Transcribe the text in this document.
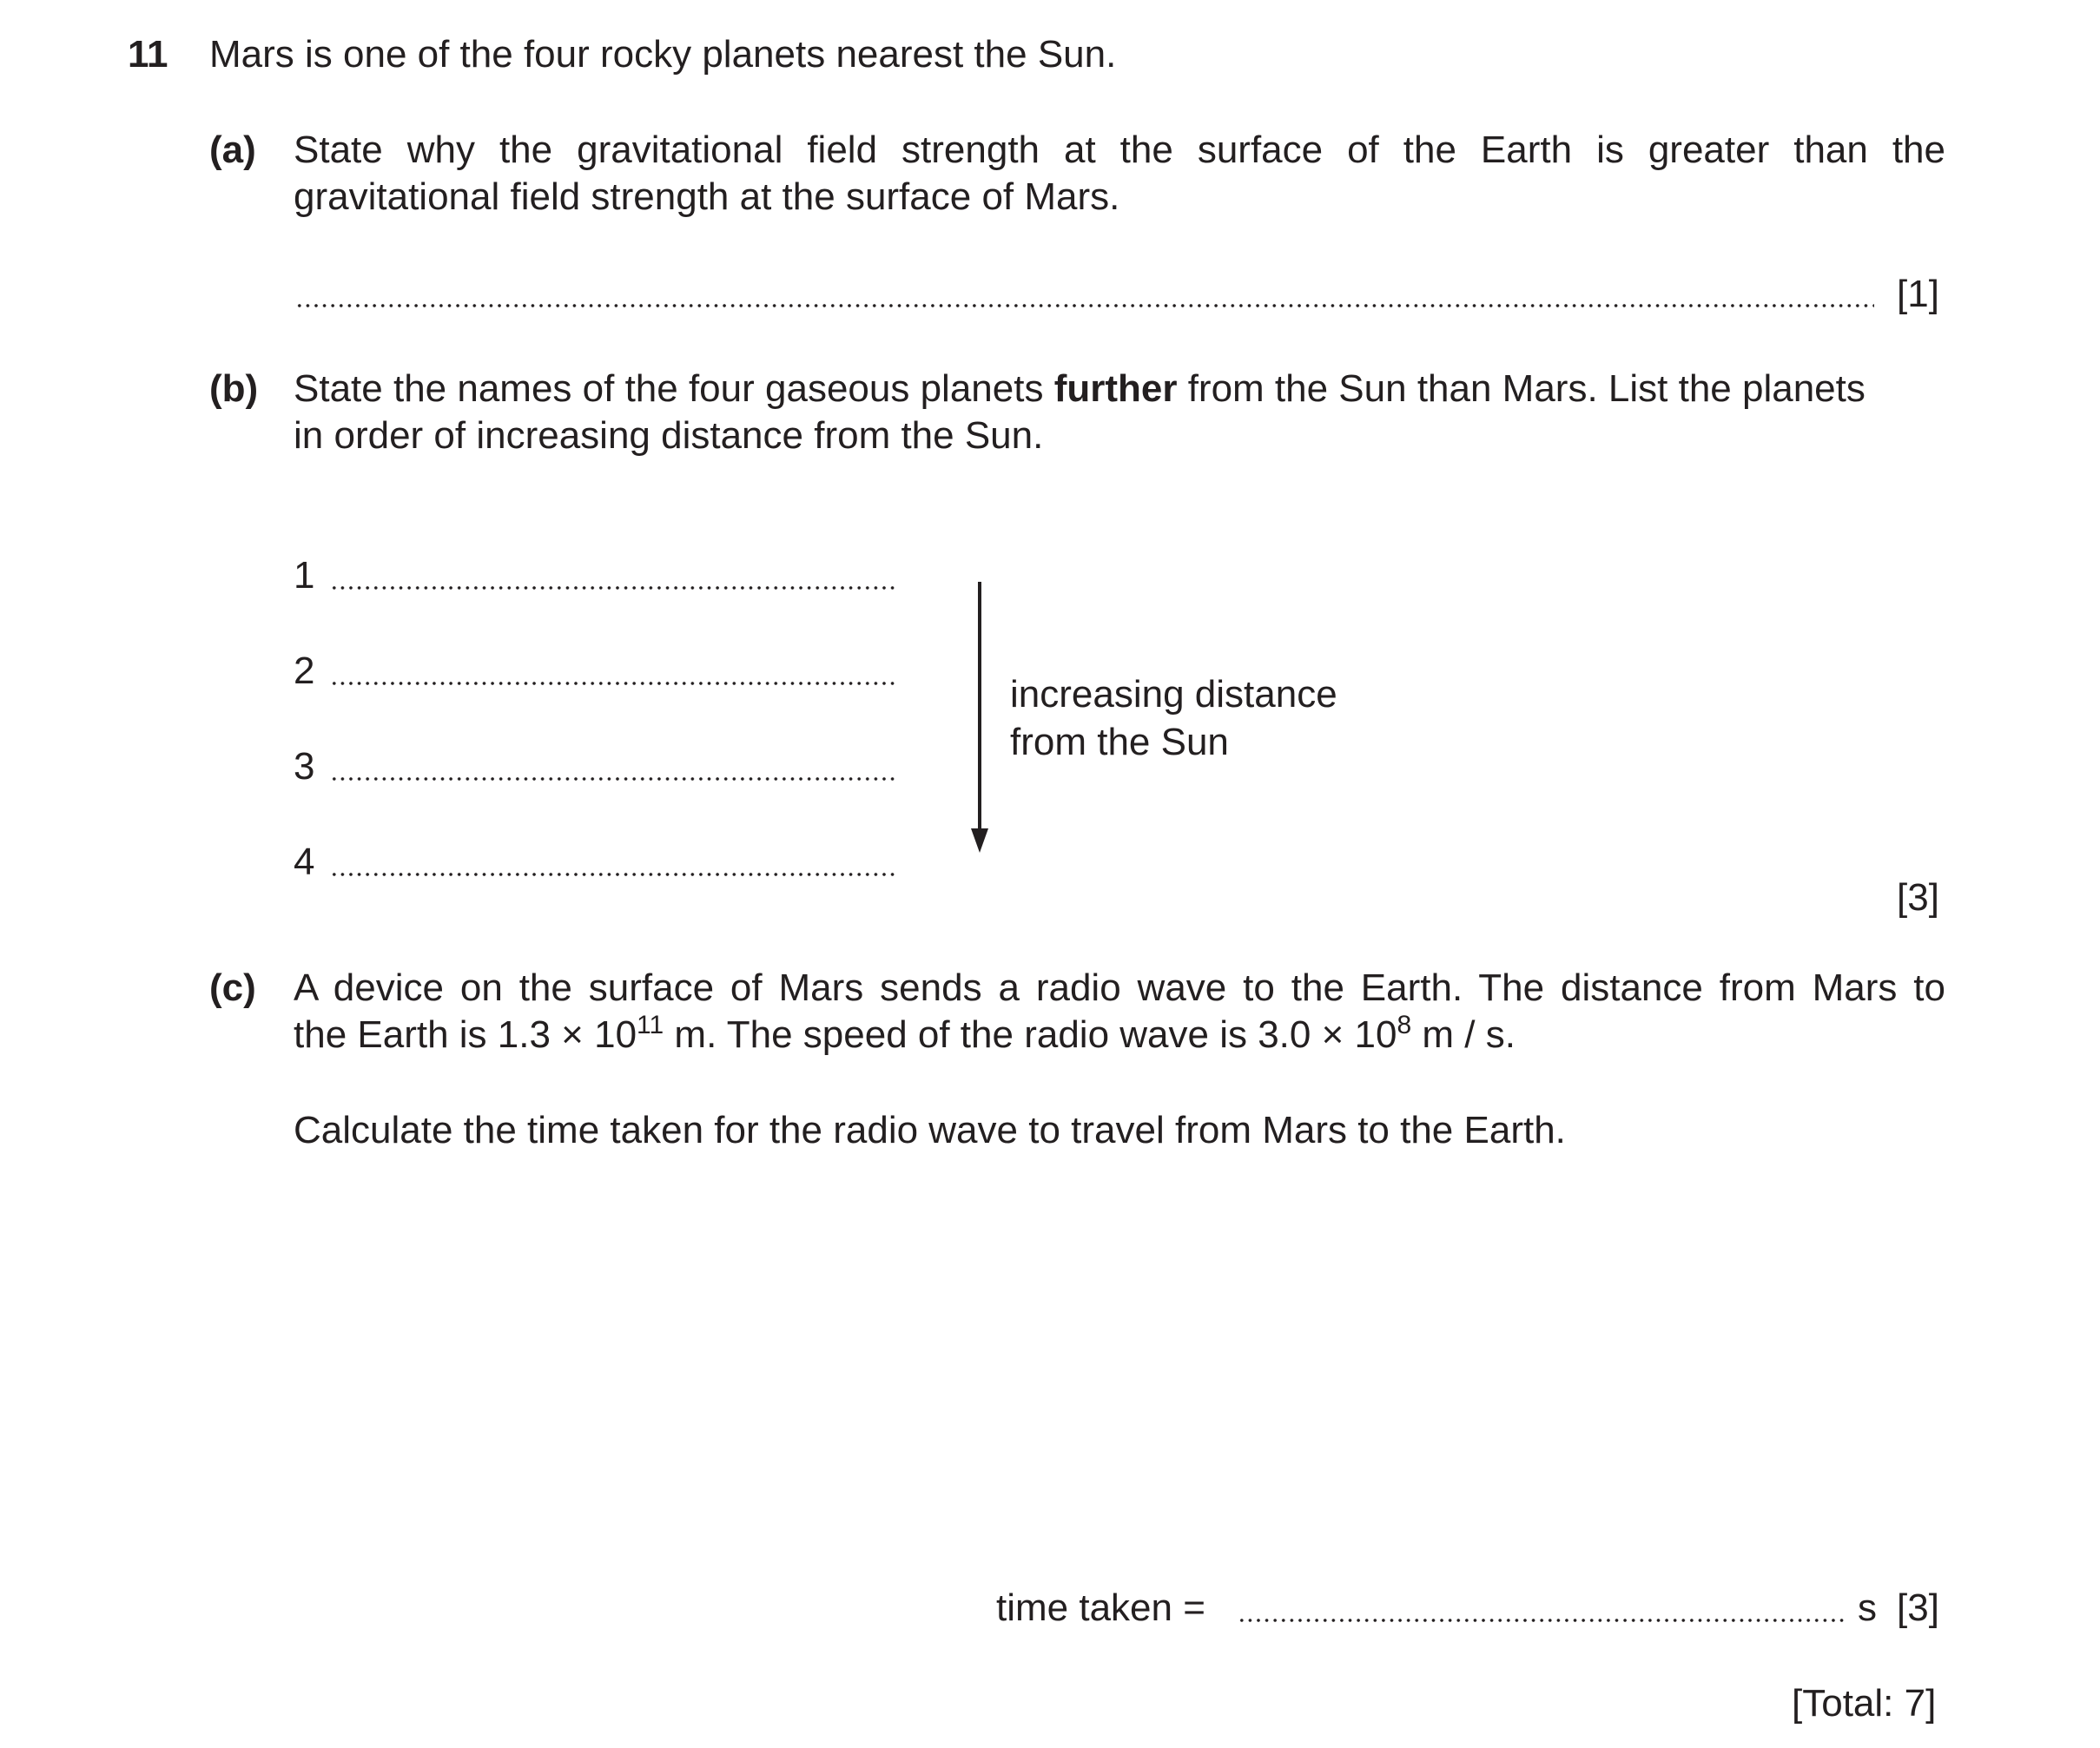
11 Mars is one of the four rocky planets nearest the Sun.
(a) State why the gravitational field strength at the surface of the Earth is greater than the
gravitational field strength at the surface of Mars.
[1]
(b) State the names of the four gaseous planets further from the Sun than Mars. List the planets
in order of increasing distance from the Sun.
1
2
3
4
increasing distance
from the Sun
[3]
(c) A device on the surface of Mars sends a radio wave to the Earth. The distance from Mars to
the Earth is $1.3 \times 10^{11}$ m. The speed of the radio wave is $3.0 \times 10^8$ m / s.
Calculate the time taken for the radio wave to travel from Mars to the Earth.
time taken =	s [3]
[Total: 7]
